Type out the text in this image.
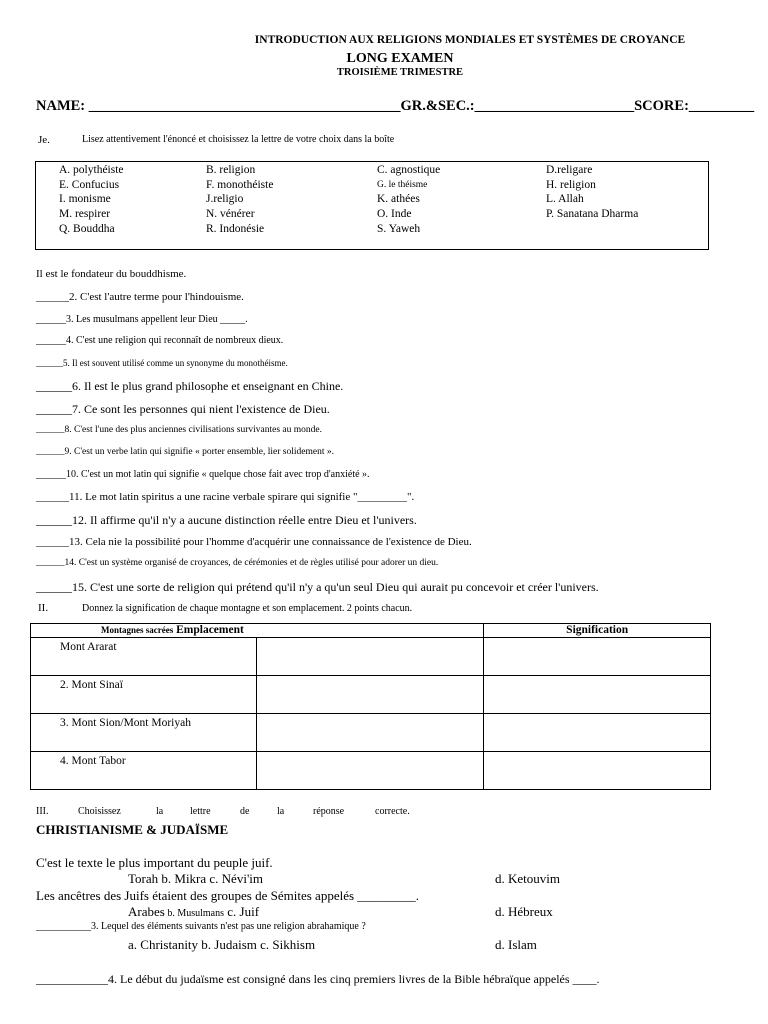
INTRODUCTION AUX RELIGIONS MONDIALES ET SYSTÈMES DE CROYANCE
LONG EXAMEN
TROISIÈME TRIMESTRE
NAME: ___________________________________________GR.&SEC.:______________________SCORE:_________
Je.	Lisez attentivement l'énoncé et choisissez la lettre de votre choix dans la boîte
A. polythéiste	B. religion	C. agnostique	D.religare
E. Confucius	F. monothéiste	G. le théisme	H. religion
I. monisme	J.religio	K. athées	L. Allah
M. respirer	N. vénérer	O. Inde	P. Sanatana Dharma
Q. Bouddha	R. Indonésie	S. Yaweh
Il est le fondateur du bouddhisme.
______2. C'est l'autre terme pour l'hindouisme.
______3. Les musulmans appellent leur Dieu _____.
______4. C'est une religion qui reconnaît de nombreux dieux.
______5. Il est souvent utilisé comme un synonyme du monothéisme.
______6. Il est le plus grand philosophe et enseignant en Chine.
______7. Ce sont les personnes qui nient l'existence de Dieu.
______8. C'est l'une des plus anciennes civilisations survivantes au monde.
______9. C'est un verbe latin qui signifie « porter ensemble, lier solidement ».
______10. C'est un mot latin qui signifie « quelque chose fait avec trop d'anxiété ».
______11. Le mot latin spiritus a une racine verbale spirare qui signifie "_________".
______12. Il affirme qu'il n'y a aucune distinction réelle entre Dieu et l'univers.
______13. Cela nie la possibilité pour l'homme d'acquérir une connaissance de l'existence de Dieu.
______14. C'est un système organisé de croyances, de cérémonies et de règles utilisé pour adorer un dieu.
______15. C'est une sorte de religion qui prétend qu'il n'y a qu'un seul Dieu qui aurait pu concevoir et créer l'univers.
II.	Donnez la signification de chaque montagne et son emplacement. 2 points chacun.
Montagnes sacrées Emplacement		Signification

Mont Ararat		

2. Mont Sinaï		

3. Mont Sion/Mont Moriyah		

4. Mont Tabor		

III.	Choisissez	la	lettre	de	la	réponse	correcte.
CHRISTIANISME & JUDAÏSME
C'est le texte le plus important du peuple juif.
Torah b. Mikra c. Névi'im	d. Ketouvim
Les ancêtres des Juifs étaient des groupes de Sémites appelés _________.
Arabes b. Musulmans c. Juif	d. Hébreux
___________3. Lequel des éléments suivants n'est pas une religion abrahamique ?
a. Christanity b. Judaism c. Sikhism	d. Islam
____________4. Le début du judaïsme est consigné dans les cinq premiers livres de la Bible hébraïque appelés ____.
